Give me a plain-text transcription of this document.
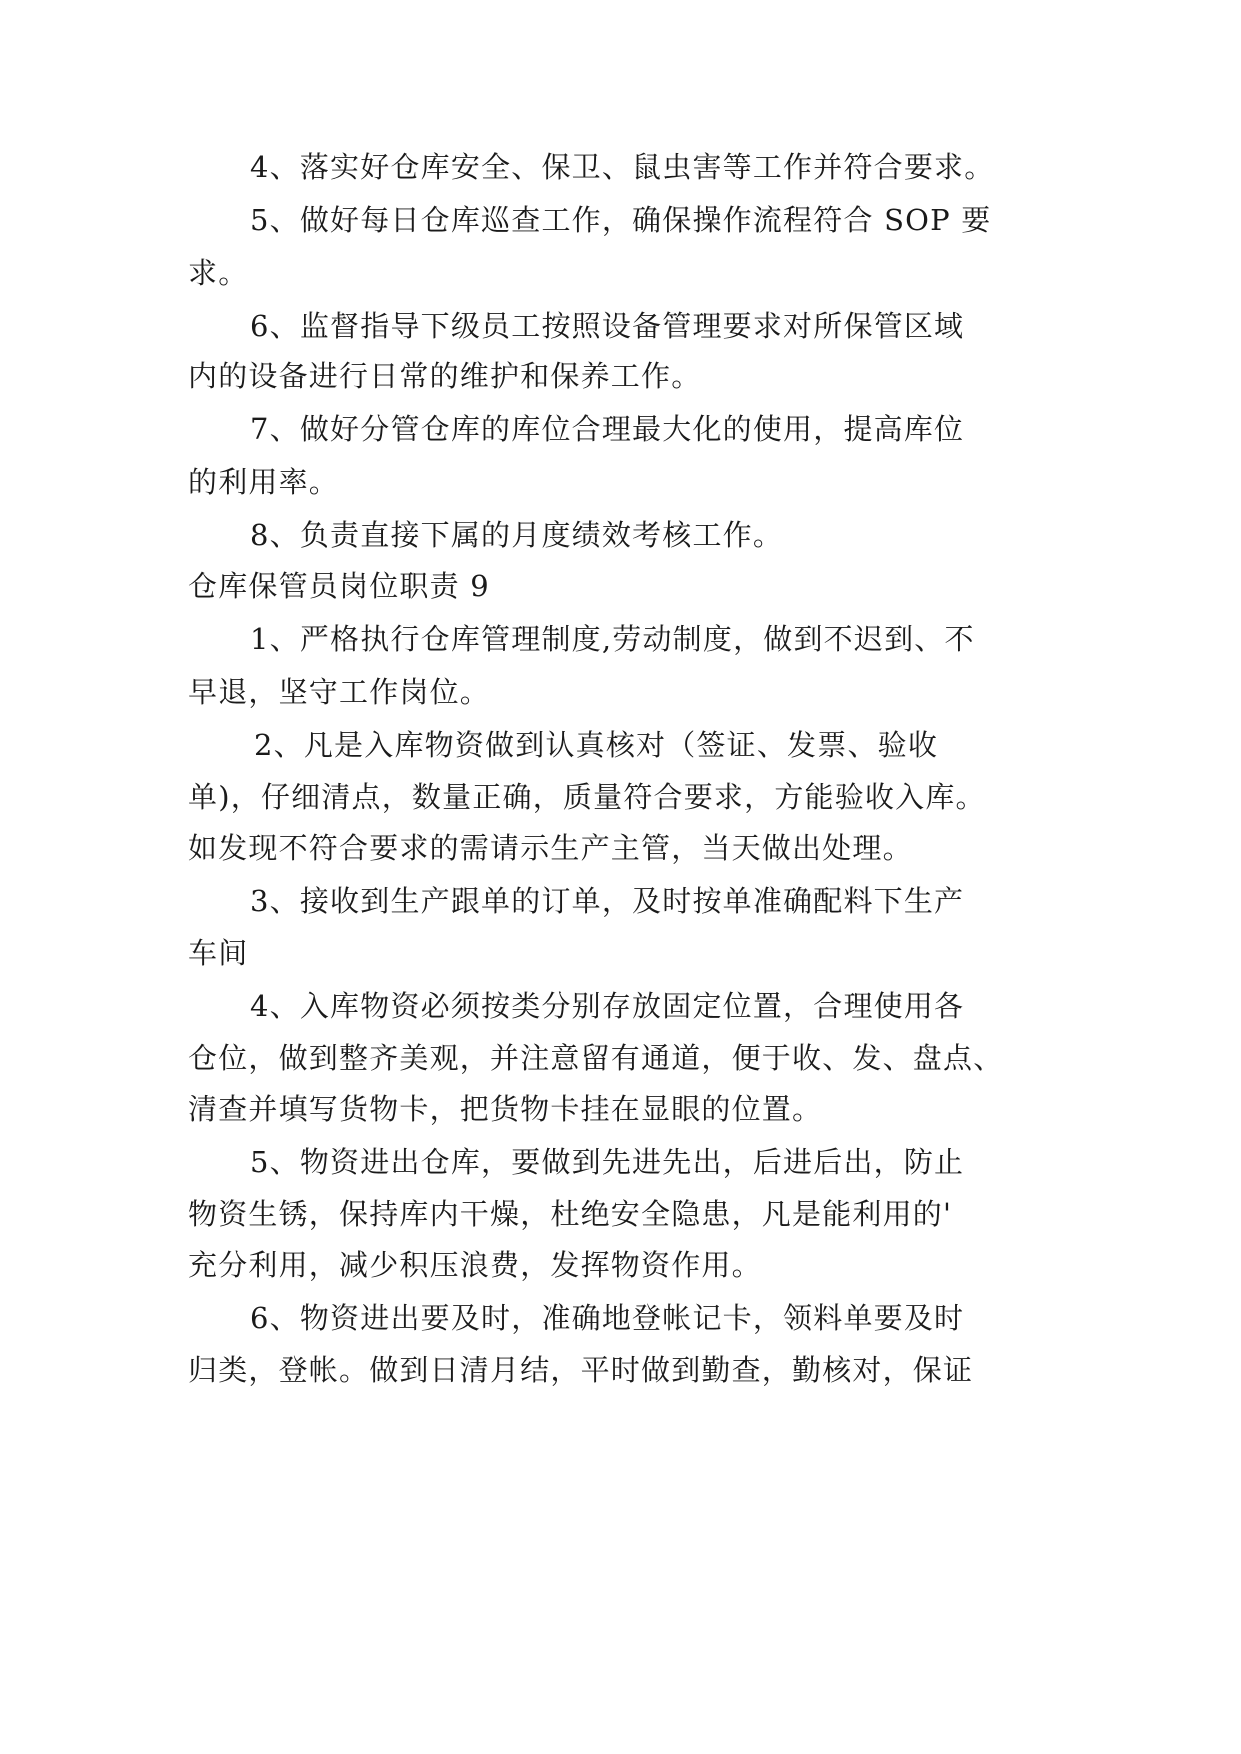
4、落实好仓库安全、保卫、鼠虫害等工作并符合要求。
5、做好每日仓库巡查工作，确保操作流程符合 SOP 要
求。
6、监督指导下级员工按照设备管理要求对所保管区域
内的设备进行日常的维护和保养工作。
7、做好分管仓库的库位合理最大化的使用，提高库位
的利用率。
8、负责直接下属的月度绩效考核工作。
仓库保管员岗位职责 9
1、严格执行仓库管理制度,劳动制度，做到不迟到、不
早退，坚守工作岗位。
2、凡是入库物资做到认真核对（签证、发票、验收
单)，仔细清点，数量正确，质量符合要求，方能验收入库。
如发现不符合要求的需请示生产主管，当天做出处理。
3、接收到生产跟单的订单，及时按单准确配料下生产
车间
4、入库物资必须按类分别存放固定位置，合理使用各
仓位，做到整齐美观，并注意留有通道，便于收、发、盘点、
清查并填写货物卡，把货物卡挂在显眼的位置。
5、物资进出仓库，要做到先进先出，后进后出，防止
物资生锈，保持库内干燥，杜绝安全隐患，凡是能利用的'
充分利用，减少积压浪费，发挥物资作用。
6、物资进出要及时，准确地登帐记卡，领料单要及时
归类，登帐。做到日清月结，平时做到勤查，勤核对，保证
